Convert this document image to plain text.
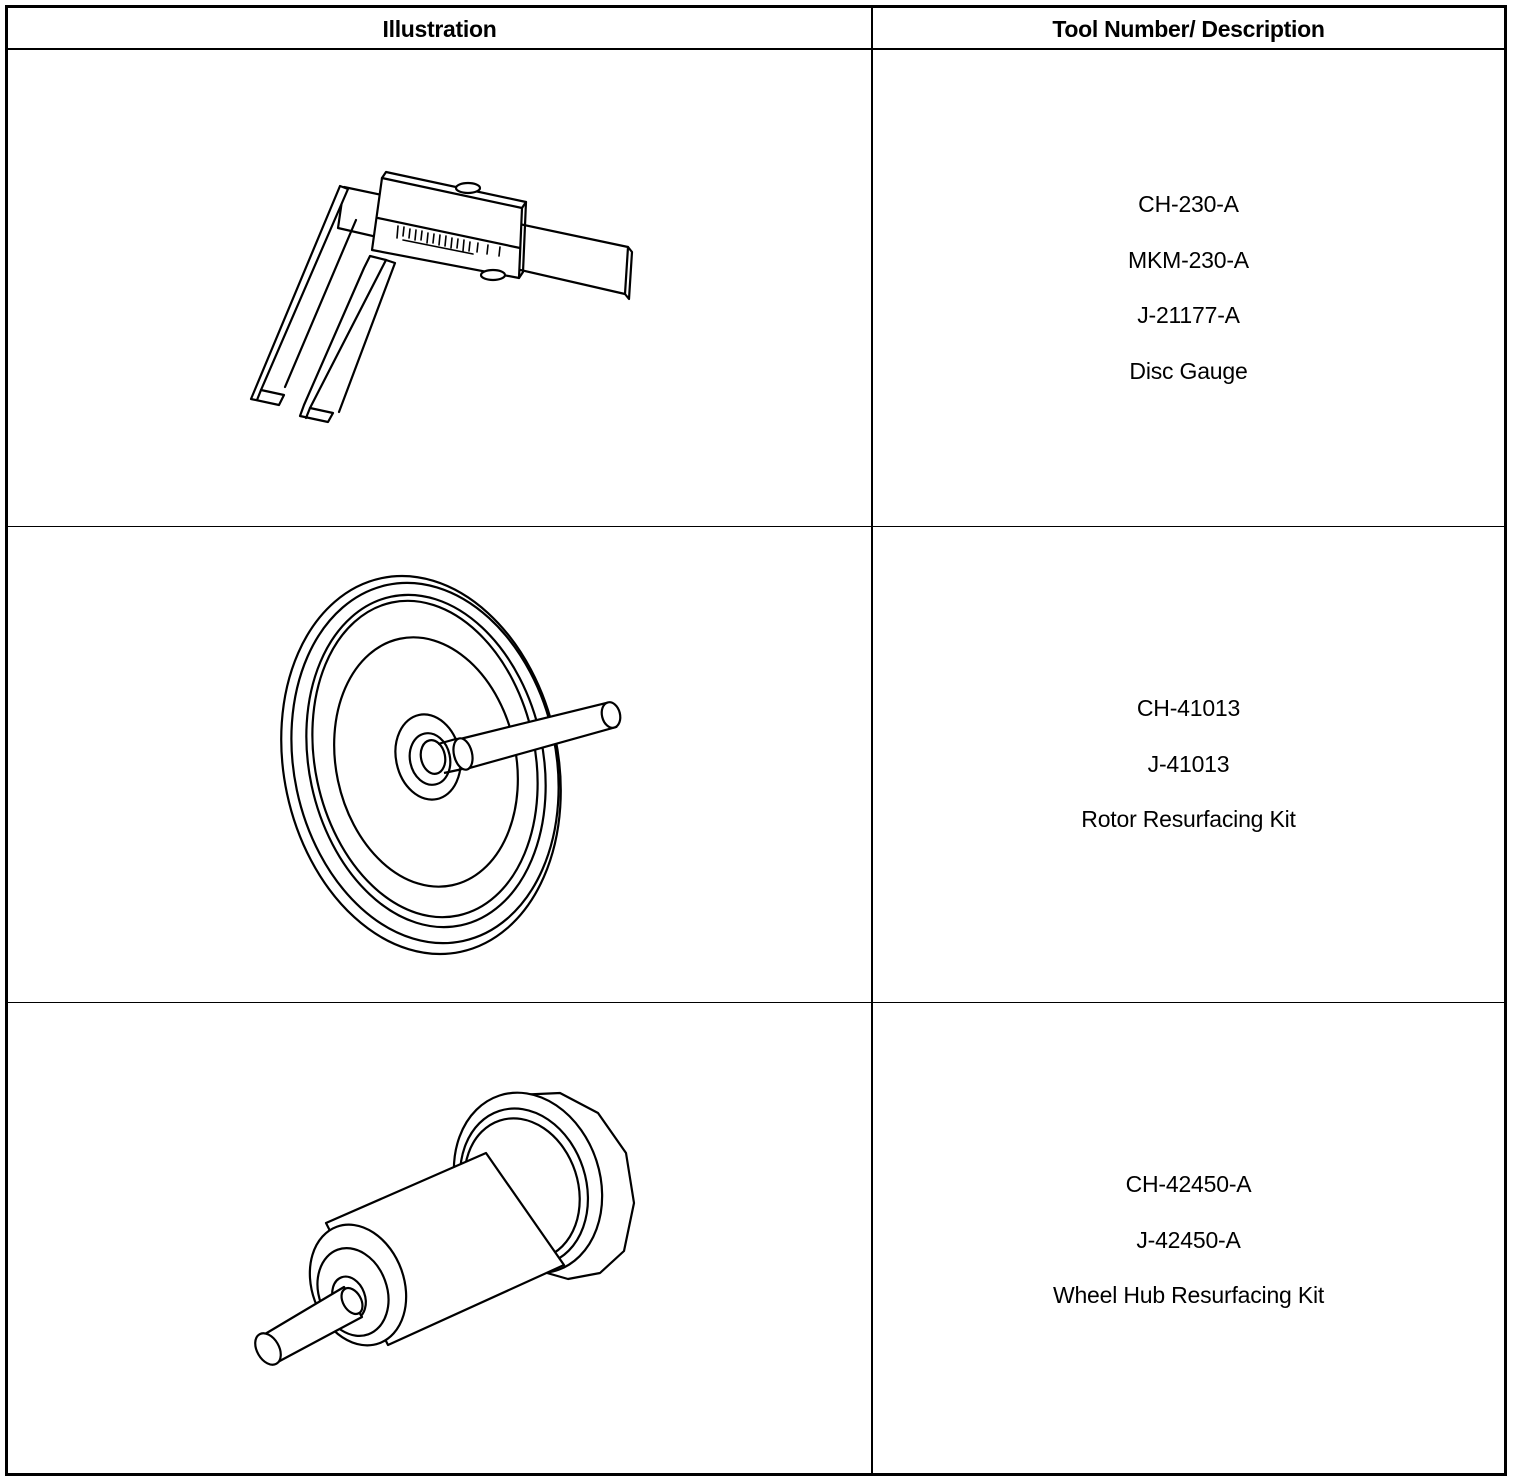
Illustration	Tool Number/ Description
CH-230-A
MKM-230-A
J-21177-A
Disc Gauge
CH-41013
J-41013
Rotor Resurfacing Kit
CH-42450-A
J-42450-A
Wheel Hub Resurfacing Kit
